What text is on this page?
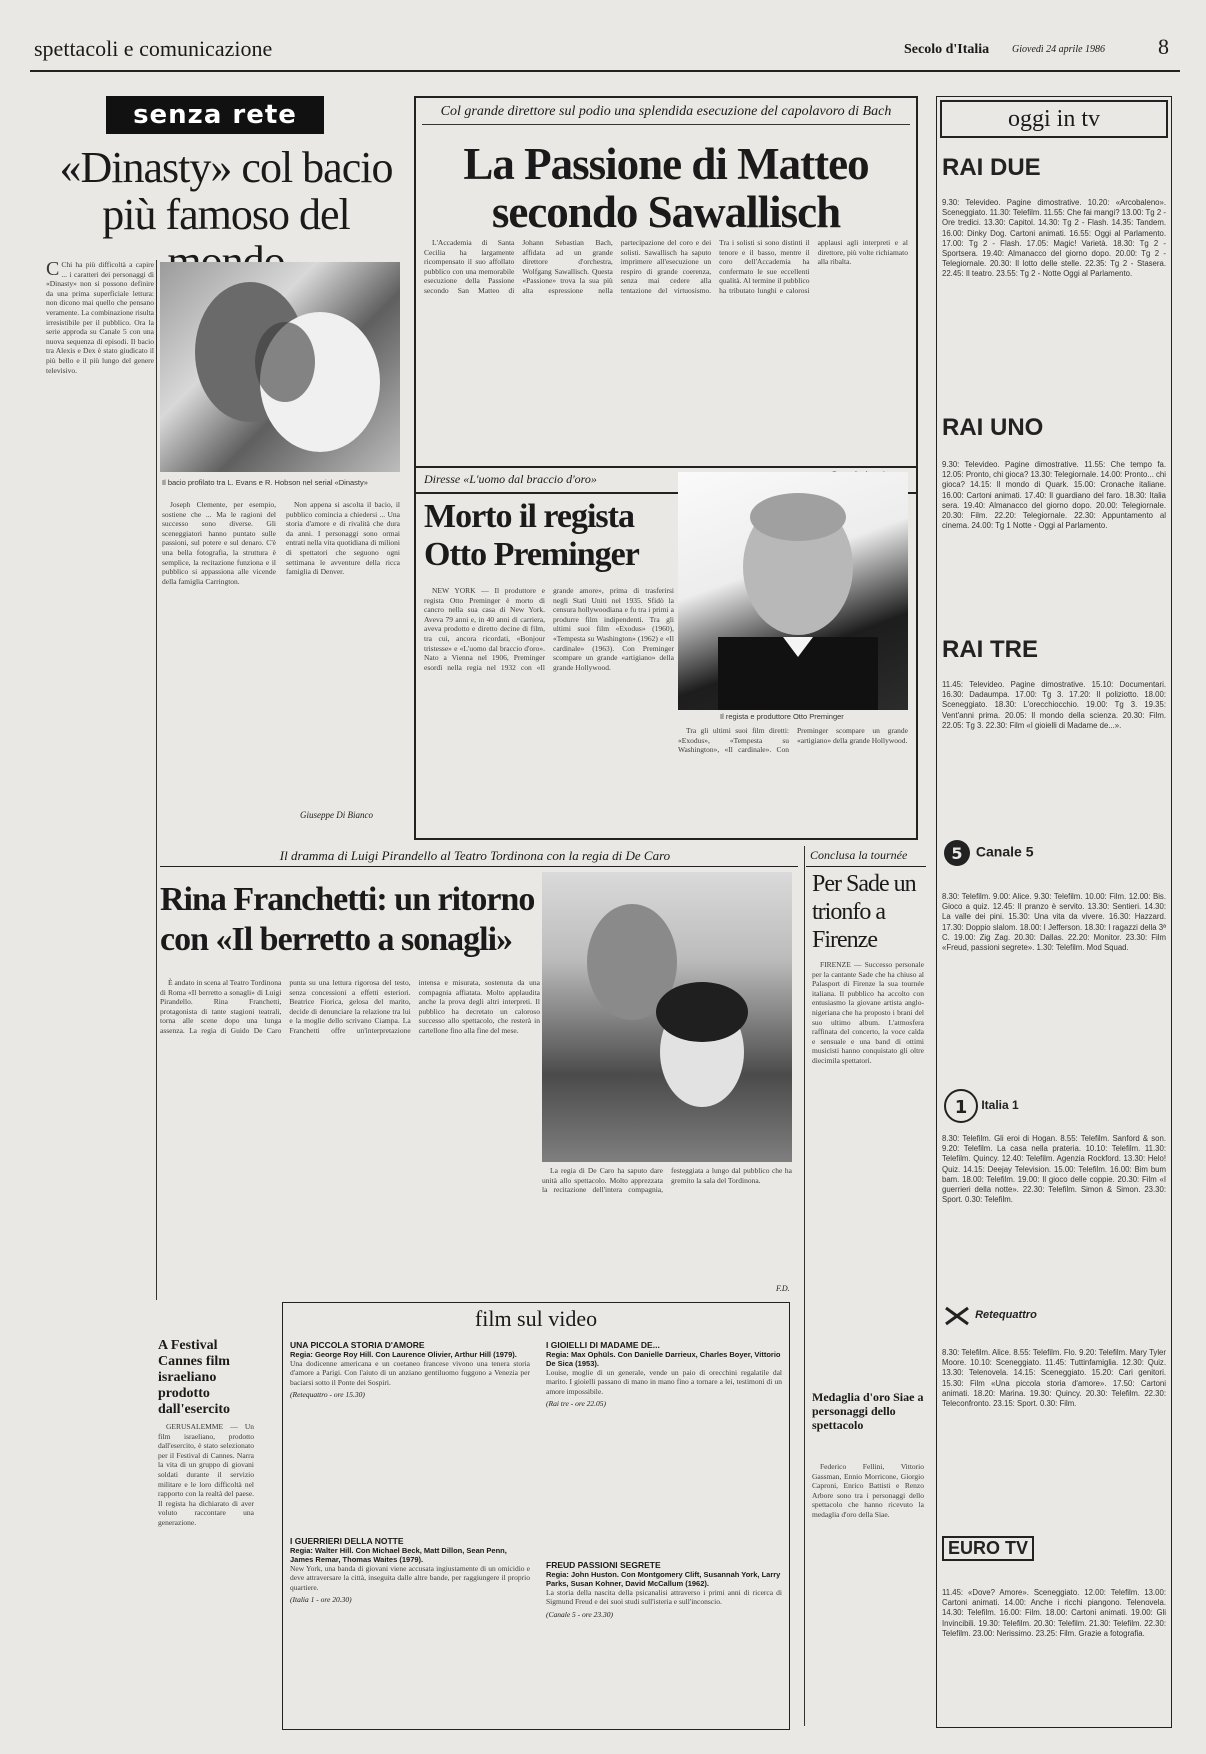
spettacoli e comunicazione	Secolo d'Italia Giovedì 24 aprile 1986 8
senza rete
«Dinasty» col bacio più famoso del

C Chi ha più difficoltà a capire ... i caratteri dei personaggi di «Dinasty» non si possono definire da una prima superficiale lettura: non dicono mai quello che pensano veramente. La combinazione risulta irresistibile per il pubblico. Ora la serie approda su Canale 5 con una nuova sequenza di episodi. Il bacio tra Alexis e Dex è stato giudicato il più bello e il più lungo del genere televisivo.

Il bacio profilato tra L. Evans e R. Hobson nel serial «Dinasty»

Joseph Clemente, per esempio, sostiene che ... Ma le ragioni del successo sono diverse. Gli sceneggiatori hanno puntato sulle passioni, sul potere e sul denaro. C'è una bella fotografia, la struttura è semplice, la recitazione funziona e il pubblico si appassiona alle vicende della famiglia Carrington.

Non appena si ascolta il bacio, il pubblico comincia a chiedersi ... Una storia d'amore e di rivalità che dura da anni. I personaggi sono ormai entrati nella vita quotidiana di milioni di spettatori che seguono ogni settimana le avventure della ricca famiglia di Denver.

Giuseppe Di Bianco
Col grande direttore sul podio una splendida esecuzione del capolavoro di Bach
La Passione di Matteo secondo Sawallisch

L'Accademia di Santa Cecilia ha largamente ricompensato il suo affollato pubblico con una memorabile esecuzione della Passione secondo San Matteo di Johann Sebastian Bach, affidata ad un grande direttore d'orchestra, Wolfgang Sawallisch. Questa «Passione» trova la sua più alta espressione nella partecipazione del coro e dei solisti. Sawallisch ha saputo imprimere all'esecuzione un respiro di grande coerenza, senza mai cedere alla tentazione del virtuosismo. Tra i solisti si sono distinti il tenore e il basso, mentre il coro dell'Accademia ha confermato le sue eccellenti qualità. Al termine il pubblico ha tributato lunghi e calorosi applausi agli interpreti e al direttore, più volte richiamato alla ribalta.

Diresse «L'uomo dal braccio d'oro»
Morto il regista Otto Preminger
Il regista e produttore Otto Preminger

NEW YORK — Il produttore e regista Otto Preminger è morto di cancro nella sua casa di New York. Aveva 79 anni e, in 40 anni di carriera, aveva prodotto e diretto decine di film, tra cui, ancora ricordati, «Bonjour tristesse» e «L'uomo dal braccio d'oro». Nato a Vienna nel 1906, Preminger esordì nella regia nel 1932 con «Il grande amore», prima di trasferirsi negli Stati Uniti nel 1935. Sfidò la censura hollywoodiana e fu tra i primi a produrre film indipendenti. Tra gli ultimi suoi film «Exodus» (1960), «Tempesta su Washington» (1962) e «Il cardinale» (1963). Con Preminger scompare un grande «artigiano» della grande Hollywood.

Tra gli ultimi suoi film diretti: «Exodus», «Tempesta su Washington», «Il cardinale». Con Preminger scompare un grande «artigiano» della grande Hollywood.

Il dramma di Luigi Pirandello al Teatro Tordinona con la regia di De Caro
Rina Franchetti: un ritorno con «Il berretto a sonagli»

È andato in scena al Teatro Tordinona di Roma «Il berretto a sonagli» di Luigi Pirandello. Rina Franchetti, protagonista di tante stagioni teatrali, torna alle scene dopo una lunga assenza. La regia di Guido De Caro punta su una lettura rigorosa del testo, senza concessioni a effetti esteriori. Beatrice Fiorica, gelosa del marito, decide di denunciare la relazione tra lui e la moglie dello scrivano Ciampa. La Franchetti offre un'interpretazione intensa e misurata, sostenuta da una compagnia affiatata. Molto applaudita anche la prova degli altri interpreti. Il pubblico ha decretato un caloroso successo allo spettacolo, che resterà in cartellone fino alla fine del mese.

La regia di De Caro ha saputo dare unità allo spettacolo. Molto apprezzata la recitazione dell'intera compagnia, festeggiata a lungo dal pubblico che ha gremito la sala del Tordinona.

F.D.
A Festival Cannes film israeliano prodotto dall'esercito

GERUSALEMME — Un film israeliano, prodotto dall'esercito, è stato selezionato per il Festival di Cannes. Narra la vita di un gruppo di giovani soldati durante il servizio militare e le loro difficoltà nel rapporto con la realtà del paese. Il regista ha dichiarato di aver voluto raccontare una generazione.

film sul video
UNA PICCOLA STORIA D'AMORE
Regia: George Roy Hill. Con Laurence Olivier, Arthur Hill (1979).
Una dodicenne americana e un coetaneo francese vivono una tenera storia d'amore a Parigi. Con l'aiuto di un anziano gentiluomo fuggono a Venezia per baciarsi sotto il Ponte dei Sospiri.
(Retequattro - ore 15.30)
I GUERRIERI DELLA NOTTE
Regia: Walter Hill. Con Michael Beck, Matt Dillon, Sean Penn, James Remar, Thomas Waites (1979).
New York, una banda di giovani viene accusata ingiustamente di un omicidio e deve attraversare la città, inseguita dalle altre bande, per raggiungere il proprio quartiere.
(Italia 1 - ore 20.30)
I GIOIELLI DI MADAME DE...
Regia: Max Ophüls. Con Danielle Darrieux, Charles Boyer, Vittorio De Sica (1953).
Louise, moglie di un generale, vende un paio di orecchini regalatile dal marito. I gioielli passano di mano in mano fino a tornare a lei, testimoni di un amore impossibile.
(Rai tre - ore 22.05)
FREUD PASSIONI SEGRETE
Regia: John Huston. Con Montgomery Clift, Susannah York, Larry Parks, Susan Kohner, David McCallum (1962).
La storia della nascita della psicanalisi attraverso i primi anni di ricerca di Sigmund Freud e dei suoi studi sull'isteria e sull'inconscio.
(Canale 5 - ore 23.30)
Conclusa la tournée
Per Sade un trionfo a Firenze

FIRENZE — Successo personale per la cantante Sade che ha chiuso al Palasport di Firenze la sua tournée italiana. Il pubblico ha accolto con entusiasmo la giovane artista anglo-nigeriana che ha proposto i brani del suo ultimo album. L'atmosfera raffinata del concerto, la voce calda e sensuale e una band di ottimi musicisti hanno conquistato gli oltre diecimila spettatori.

Medaglia d'oro Siae a personaggi dello spettacolo

Federico Fellini, Vittorio Gassman, Ennio Morricone, Giorgio Caproni, Enrico Battisti e Renzo Arbore sono tra i personaggi dello spettacolo che hanno ricevuto la medaglia d'oro della Siae.

oggi in tv
RAI DUE
9.30: Televideo. Pagine dimostrative. 10.20: «Arcobaleno». Sceneggiato. 11.30: Telefilm. 11.55: Che fai mangi? 13.00: Tg 2 - Ore tredici. 13.30: Capitol. 14.30: Tg 2 - Flash. 14.35: Tandem. 16.00: Dinky Dog. Cartoni animati. 16.55: Oggi al Parlamento. 17.00: Tg 2 - Flash. 17.05: Magic! Varietà. 18.30: Tg 2 - Sportsera. 19.40: Almanacco del giorno dopo. 20.00: Tg 2 - Telegiornale. 20.30: Il lotto delle stelle. 22.35: Tg 2 - Stasera. 22.45: Il teatro. 23.55: Tg 2 - Notte Oggi al Parlamento.
RAI UNO
9.30: Televideo. Pagine dimostrative. 11.55: Che tempo fa. 12.05: Pronto, chi gioca? 13.30: Telegiornale. 14.00: Pronto... chi gioca? 14.15: Il mondo di Quark. 15.00: Cronache italiane. 16.00: Cartoni animati. 17.40: Il guardiano del faro. 18.30: Italia sera. 19.40: Almanacco del giorno dopo. 20.00: Telegiornale. 20.30: Film. 22.20: Telegiornale. 22.30: Appuntamento al cinema. 24.00: Tg 1 Notte - Oggi al Parlamento.
RAI TRE
11.45: Televideo. Pagine dimostrative. 15.10: Documentari. 16.30: Dadaumpa. 17.00: Tg 3. 17.20: Il poliziotto. 18.00: Sceneggiato. 18.30: L'orecchiocchio. 19.00: Tg 3. 19.35: Vent'anni prima. 20.05: Il mondo della scienza. 20.30: Film. 22.05: Tg 3. 22.30: Film «I gioielli di Madame de...».
5 Canale 5
8.30: Telefilm. 9.00: Alice. 9.30: Telefilm. 10.00: Film. 12.00: Bis. Gioco a quiz. 12.45: Il pranzo è servito. 13.30: Sentieri. 14.30: La valle dei pini. 15.30: Una vita da vivere. 16.30: Hazzard. 17.30: Doppio slalom. 18.00: I Jefferson. 18.30: I ragazzi della 3ª C. 19.00: Zig Zag. 20.30: Dallas. 22.20: Monitor. 23.30: Film «Freud, passioni segrete». 1.30: Telefilm. Mod Squad.
1 Italia 1
8.30: Telefilm. Gli eroi di Hogan. 8.55: Telefilm. Sanford & son. 9.20: Telefilm. La casa nella prateria. 10.10: Telefilm. 11.30: Telefilm. Quincy. 12.40: Telefilm. Agenzia Rockford. 13.30: Helo! Quiz. 14.15: Deejay Television. 15.00: Telefilm. 16.00: Bim bum bam. 18.00: Telefilm. 19.00: Il gioco delle coppie. 20.30: Film «I guerrieri della notte». 22.30: Telefilm. Simon & Simon. 23.30: Sport. 0.30: Telefilm.
Retequattro
8.30: Telefilm. Alice. 8.55: Telefilm. Flo. 9.20: Telefilm. Mary Tyler Moore. 10.10: Sceneggiato. 11.45: Tuttinfamiglia. 12.30: Quiz. 13.30: Telenovela. 14.15: Sceneggiato. 15.20: Cari genitori. 15.30: Film «Una piccola storia d'amore». 17.50: Cartoni animati. 18.20: Marina. 19.30: Quincy. 20.30: Telefilm. 22.30: Teleconfronto. 23.15: Sport. 0.30: Film.
EURO TV
11.45: «Dove? Amore». Sceneggiato. 12.00: Telefilm. 13.00: Cartoni animati. 14.00: Anche i ricchi piangono. Telenovela. 14.30: Telefilm. 16.00: Film. 18.00: Cartoni animati. 19.00: Gli Invincibili. 19.30: Telefilm. 20.30: Telefilm. 21.30: Telefilm. 22.30: Telefilm. 23.00: Nerissimo. 23.25: Film. Grazie a fotografia.
